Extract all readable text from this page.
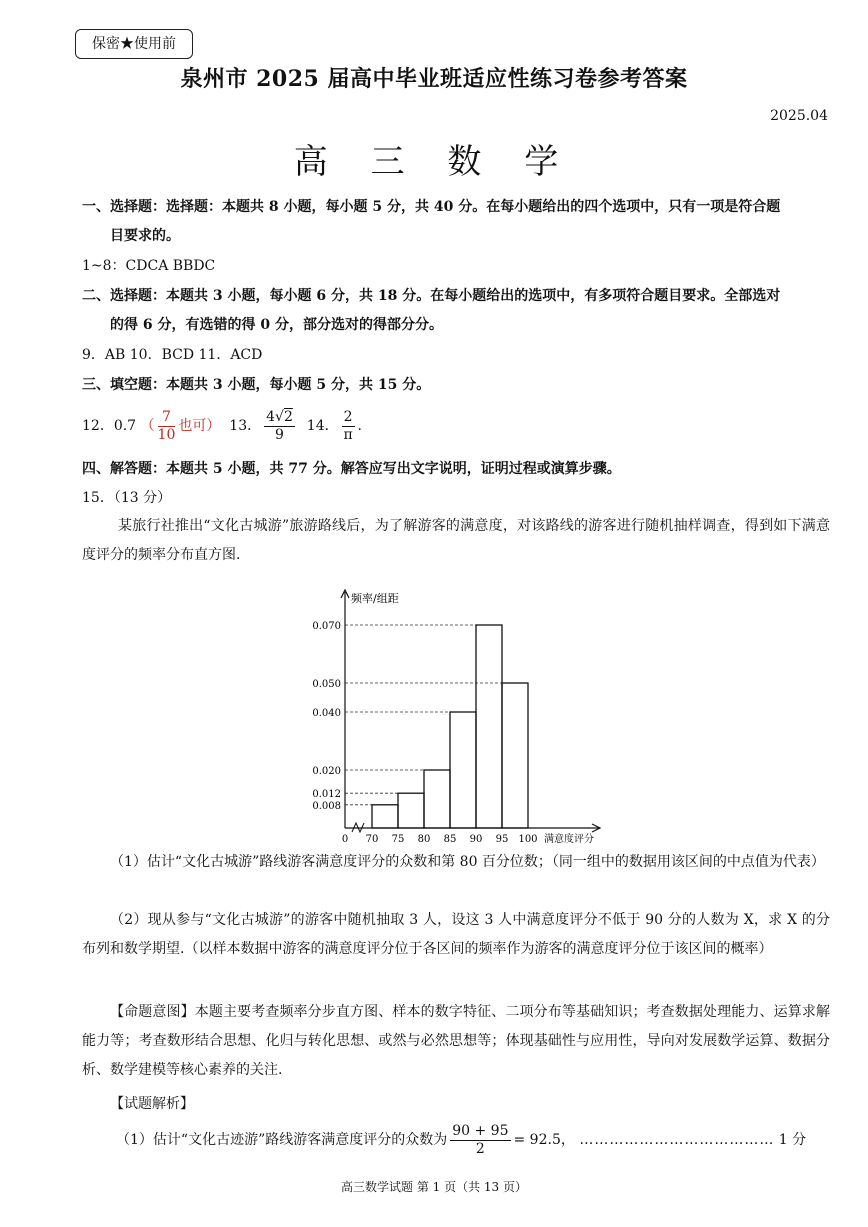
保密★使用前
泉州市 2025 届高中毕业班适应性练习卷参考答案
2025.04
高 三 数 学
一、选择题：选择题：本题共 8 小题，每小题 5 分，共 40 分。在每小题给出的四个选项中，只有一项是符合题
目要求的。
1~8：CDCA BBDC
二、选择题：本题共 3 小题，每小题 6 分，共 18 分。在每小题给出的选项中，有多项符合题目要求。全部选对
的得 6 分，有选错的得 0 分，部分选对的得部分分。
9．AB 10．BCD 11．ACD
三、填空题：本题共 3 小题，每小题 5 分，共 15 分。
12．0.7 （ $\frac{7}{10}$ 也可） 13． $\frac{4√2}{9} 14$． $\frac{2}{\pi}$ .
四、解答题：本题共 5 小题，共 77 分。解答应写出文字说明，证明过程或演算步骤。
15．（13 分）
某旅行社推出“文化古城游”旅游路线后，为了解游客的满意度，对该路线的游客进行随机抽样调查，得到如下满意度评分的频率分布直方图.
0.008
0.012
0.020
0.040
0.050
0.070
0 70 75 80 85 90 95 100
频率/组距
满意度评分
（1）估计“文化古城游”路线游客满意度评分的众数和第 80 百分位数；（同一组中的数据用该区间的中点值为代表）
（2）现从参与“文化古城游”的游客中随机抽取 3 人，设这 3 人中满意度评分不低于 90 分的人数为 X，求 X 的分布列和数学期望.（以样本数据中游客的满意度评分位于各区间的频率作为游客的满意度评分位于该区间的概率）
【命题意图】本题主要考查频率分步直方图、样本的数字特征、二项分布等基础知识；考查数据处理能力、运算求解能力等；考查数形结合思想、化归与转化思想、或然与必然思想等；体现基础性与应用性，导向对发展数学运算、数据分析、数学建模等核心素养的关注.
【试题解析】
（1）估计“文化古迹游”路线游客满意度评分的众数为 $\frac{90 + 95}{2} = 92.5$， ………………………………… 1 分
高三数学试题 第 1 页（共 13 页）
